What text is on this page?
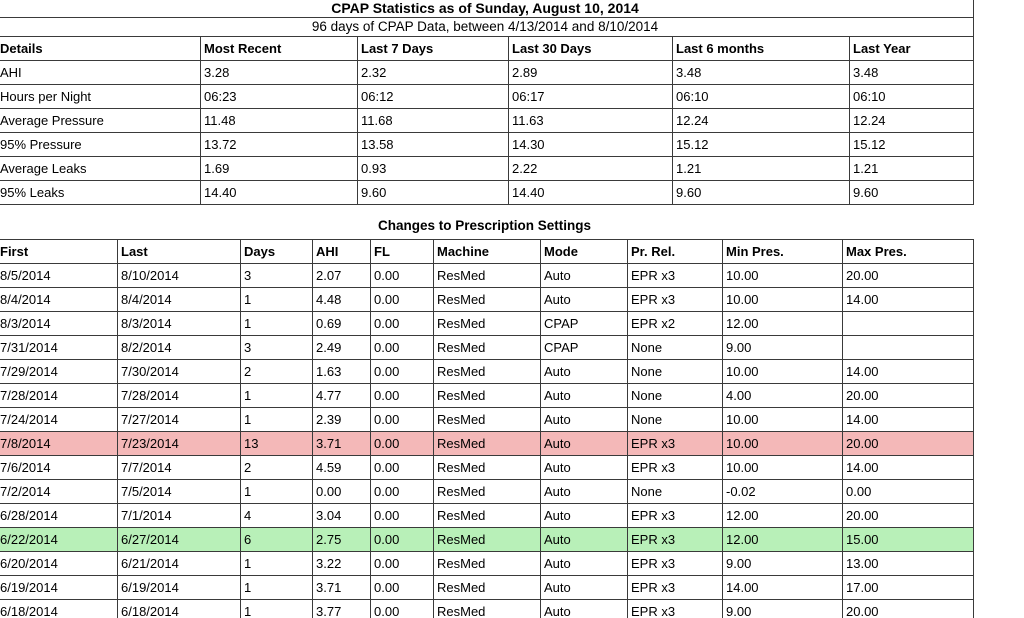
CPAP Statistics as of Sunday, August 10, 2014					
96 days of CPAP Data, between 4/13/2014 and 8/10/2014					
Details	Most Recent	Last 7 Days	Last 30 Days	Last 6 months	Last Year
AHI	3.28	2.32	2.89	3.48	3.48
Hours per Night	06:23	06:12	06:17	06:10	06:10
Average Pressure	11.48	11.68	11.63	12.24	12.24
95% Pressure	13.72	13.58	14.30	15.12	15.12
Average Leaks	1.69	0.93	2.22	1.21	1.21
95% Leaks	14.40	9.60	14.40	9.60	9.60
Changes to Prescription Settings
First	Last	Days	AHI	FL	Machine	Mode	Pr. Rel.	Min Pres.	Max Pres.
8/5/2014	8/10/2014	3	2.07	0.00	ResMed	Auto	EPR x3	10.00	20.00
8/4/2014	8/4/2014	1	4.48	0.00	ResMed	Auto	EPR x3	10.00	14.00
8/3/2014	8/3/2014	1	0.69	0.00	ResMed	CPAP	EPR x2	12.00	
7/31/2014	8/2/2014	3	2.49	0.00	ResMed	CPAP	None	9.00	
7/29/2014	7/30/2014	2	1.63	0.00	ResMed	Auto	None	10.00	14.00
7/28/2014	7/28/2014	1	4.77	0.00	ResMed	Auto	None	4.00	20.00
7/24/2014	7/27/2014	1	2.39	0.00	ResMed	Auto	None	10.00	14.00
7/8/2014	7/23/2014	13	3.71	0.00	ResMed	Auto	EPR x3	10.00	20.00
7/6/2014	7/7/2014	2	4.59	0.00	ResMed	Auto	EPR x3	10.00	14.00
7/2/2014	7/5/2014	1	0.00	0.00	ResMed	Auto	None	-0.02	0.00
6/28/2014	7/1/2014	4	3.04	0.00	ResMed	Auto	EPR x3	12.00	20.00
6/22/2014	6/27/2014	6	2.75	0.00	ResMed	Auto	EPR x3	12.00	15.00
6/20/2014	6/21/2014	1	3.22	0.00	ResMed	Auto	EPR x3	9.00	13.00
6/19/2014	6/19/2014	1	3.71	0.00	ResMed	Auto	EPR x3	14.00	17.00
6/18/2014	6/18/2014	1	3.77	0.00	ResMed	Auto	EPR x3	9.00	20.00
